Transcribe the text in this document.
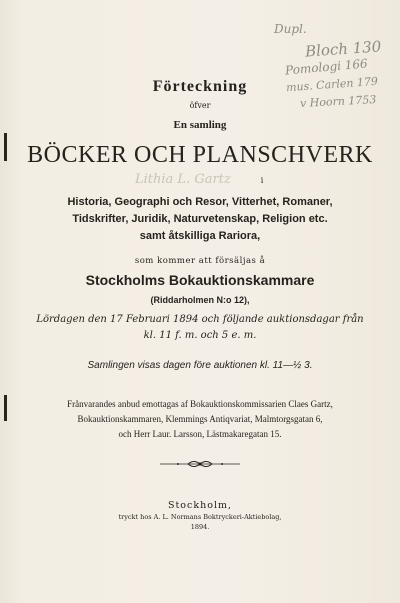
Dupl.
Bloch 130
Pomologi 166
mus. Carlen 179
v Hoorn 1753
Förteckning
öfver
En samling
BÖCKER OCH PLANSCHVERK
Lithia L. Gartz	i
Historia, Geographi och Resor, Vitterhet, Romaner,
Tidskrifter, Juridik, Naturvetenskap, Religion etc.
samt åtskilliga Rariora,
som kommer att försäljas å
Stockholms Bokauktionskammare
(Riddarholmen N:o 12),
Lördagen den 17 Februari 1894 och följande auktionsdagar från
kl. 11 f. m. och 5 e. m.
Samlingen visas dagen före auktionen kl. 11—½ 3.
Frånvarandes anbud emottagas af Bokauktionskommissarien Claes Gartz,
Bokauktionskammaren, Klemmings Antiqvariat, Malmtorgsgatan 6,
och Herr Laur. Larsson, Lästmakaregatan 15.
Stockholm,
tryckt hos A. L. Normans Boktryckeri-Aktiebolag,
1894.
